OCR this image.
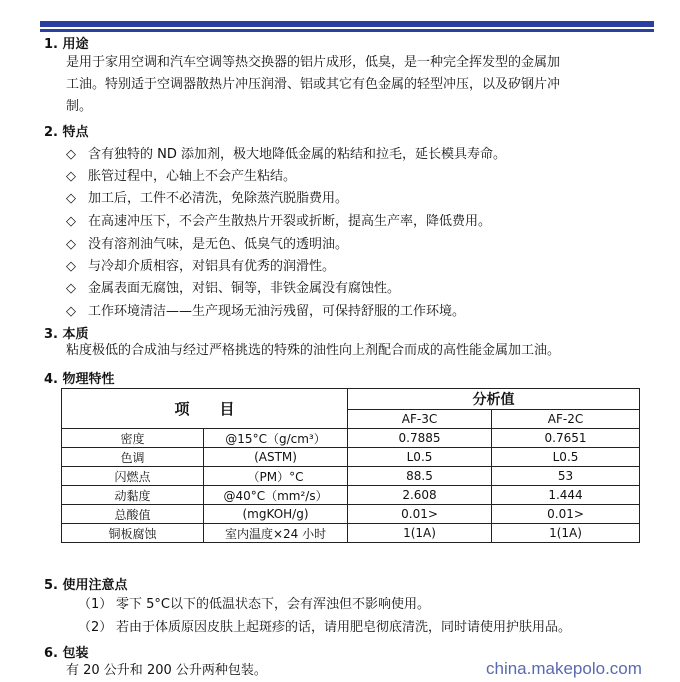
1. 用途
是用于家用空调和汽车空调等热交换器的铝片成形，低臭，是一种完全挥发型的金属加
工油。特别适于空调器散热片冲压润滑、铝或其它有色金属的轻型冲压，以及矽钢片冲
制。
2. 特点
◇ 含有独特的 ND 添加剂，极大地降低金属的粘结和拉毛，延长模具寿命。
◇ 胀管过程中，心轴上不会产生粘结。
◇ 加工后，工件不必清洗，免除蒸汽脱脂费用。
◇ 在高速冲压下，不会产生散热片开裂或折断，提高生产率，降低费用。
◇ 没有溶剂油气味，是无色、低臭气的透明油。
◇ 与冷却介质相容，对铝具有优秀的润滑性。
◇ 金属表面无腐蚀，对铝、铜等，非铁金属没有腐蚀性。
◇ 工作环境清洁——生产现场无油污残留，可保持舒服的工作环境。
3. 本质
粘度极低的合成油与经过严格挑选的特殊的油性向上剂配合而成的高性能金属加工油。
4. 物理特性
项　　目		分析值	
		AF-3C	AF-2C
密度	@15°C（g/cm³）	0.7885	0.7651
色调	(ASTM)	L0.5	L0.5
闪燃点	（PM）°C	88.5	53
动黏度	@40°C（mm²/s）	2.608	1.444
总酸值	(mgKOH/g)	0.01>	0.01>
铜板腐蚀	室内温度×24 小时	1(1A)	1(1A)
5. 使用注意点
（1） 零下 5°C以下的低温状态下，会有浑浊但不影响使用。
（2） 若由于体质原因皮肤上起斑疹的话，请用肥皂彻底清洗，同时请使用护肤用品。
6. 包装
有 20 公升和 200 公升两种包装。	china.makepolo.com
